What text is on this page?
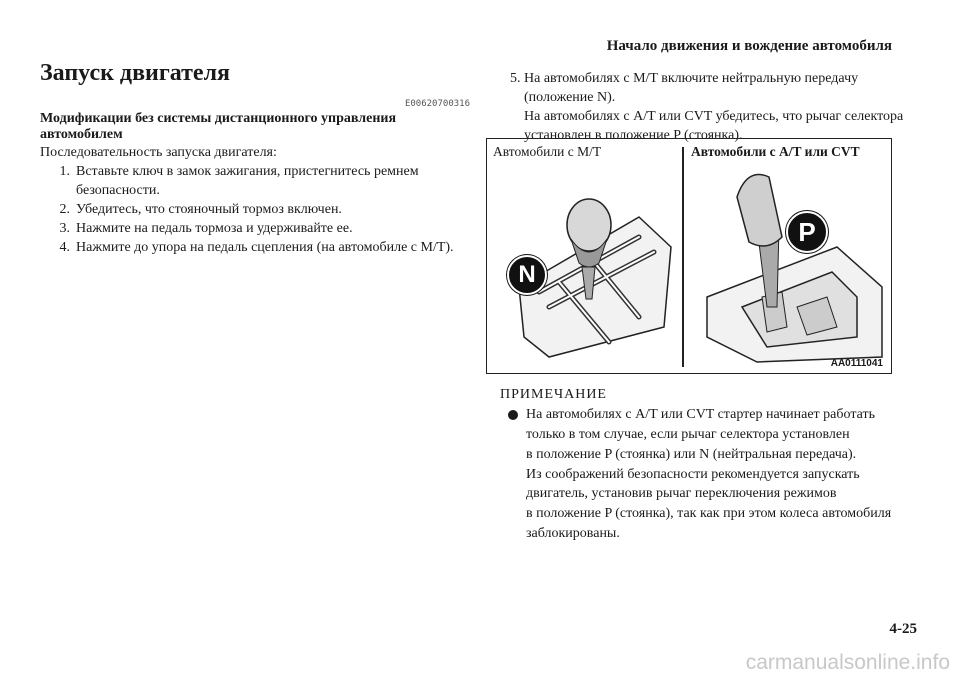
Начало движения и вождение автомобиля
Запуск двигателя
E00620700316
Модификации без системы дистанционного управления автомобилем
Последовательность запуска двигателя:
1. Вставьте ключ в замок зажигания, пристегнитесь ремнем безопасности.
2. Убедитесь, что стояночный тормоз включен.
3. Нажмите на педаль тормоза и удерживайте ее.
4. Нажмите до упора на педаль сцепления (на автомобиле с M/T).
5. На автомобилях с M/T включите нейтральную передачу
(положение N).
На автомобилях с A/T или CVT убедитесь, что рычаг селектора
установлен в положение P (стоянка).
Автомобили с M/T	Автомобили с A/T или CVT
N
P
AA0111041
ПРИМЕЧАНИЕ
На автомобилях с A/T или CVT стартер начинает работать
только в том случае, если рычаг селектора установлен
в положение P (стоянка) или N (нейтральная передача).
Из соображений безопасности рекомендуется запускать
двигатель, установив рычаг переключения режимов
в положение P (стоянка), так как при этом колеса автомобиля
заблокированы.
4-25
carmanualsonline.info
